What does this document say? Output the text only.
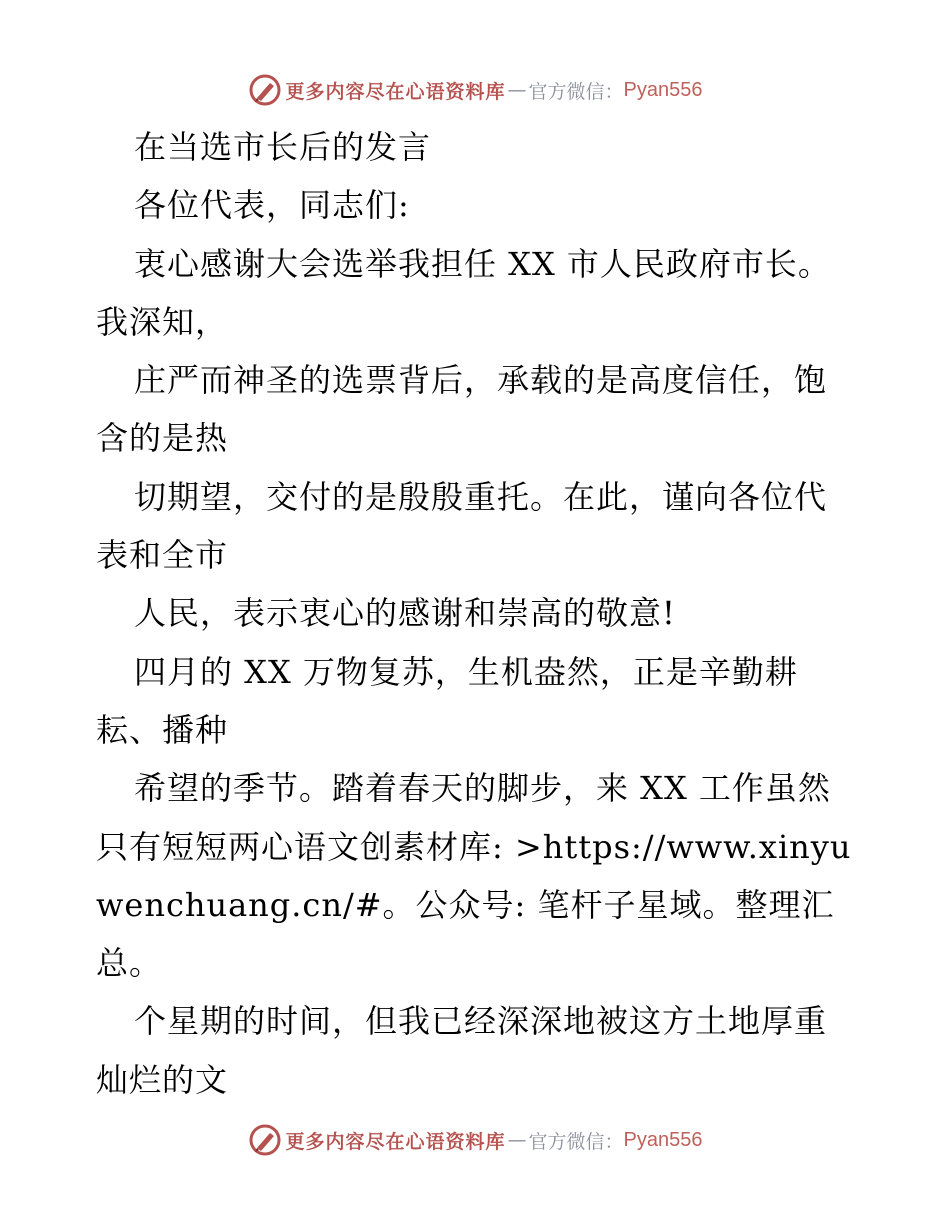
更多内容尽在心语资料库 — 官方微信： Pyan556

在当选市长后的发言

各位代表，同志们:

衷心感谢大会选举我担任 XX 市人民政府市长。我深知，

庄严而神圣的选票背后，承载的是高度信任，饱含的是热

切期望，交付的是殷殷重托。在此，谨向各位代表和全市

人民，表示衷心的感谢和崇高的敬意!

四月的 XX 万物复苏，生机盎然，正是辛勤耕耘、播种

希望的季节。踏着春天的脚步，来 XX 工作虽然只有短短两心语文创素材库: >https://www.xinyuwenchuang.cn/#。公众号: 笔杆子星域。整理汇总。

个星期的时间，但我已经深深地被这方土地厚重灿烂的文

更多内容尽在心语资料库 — 官方微信： Pyan556
